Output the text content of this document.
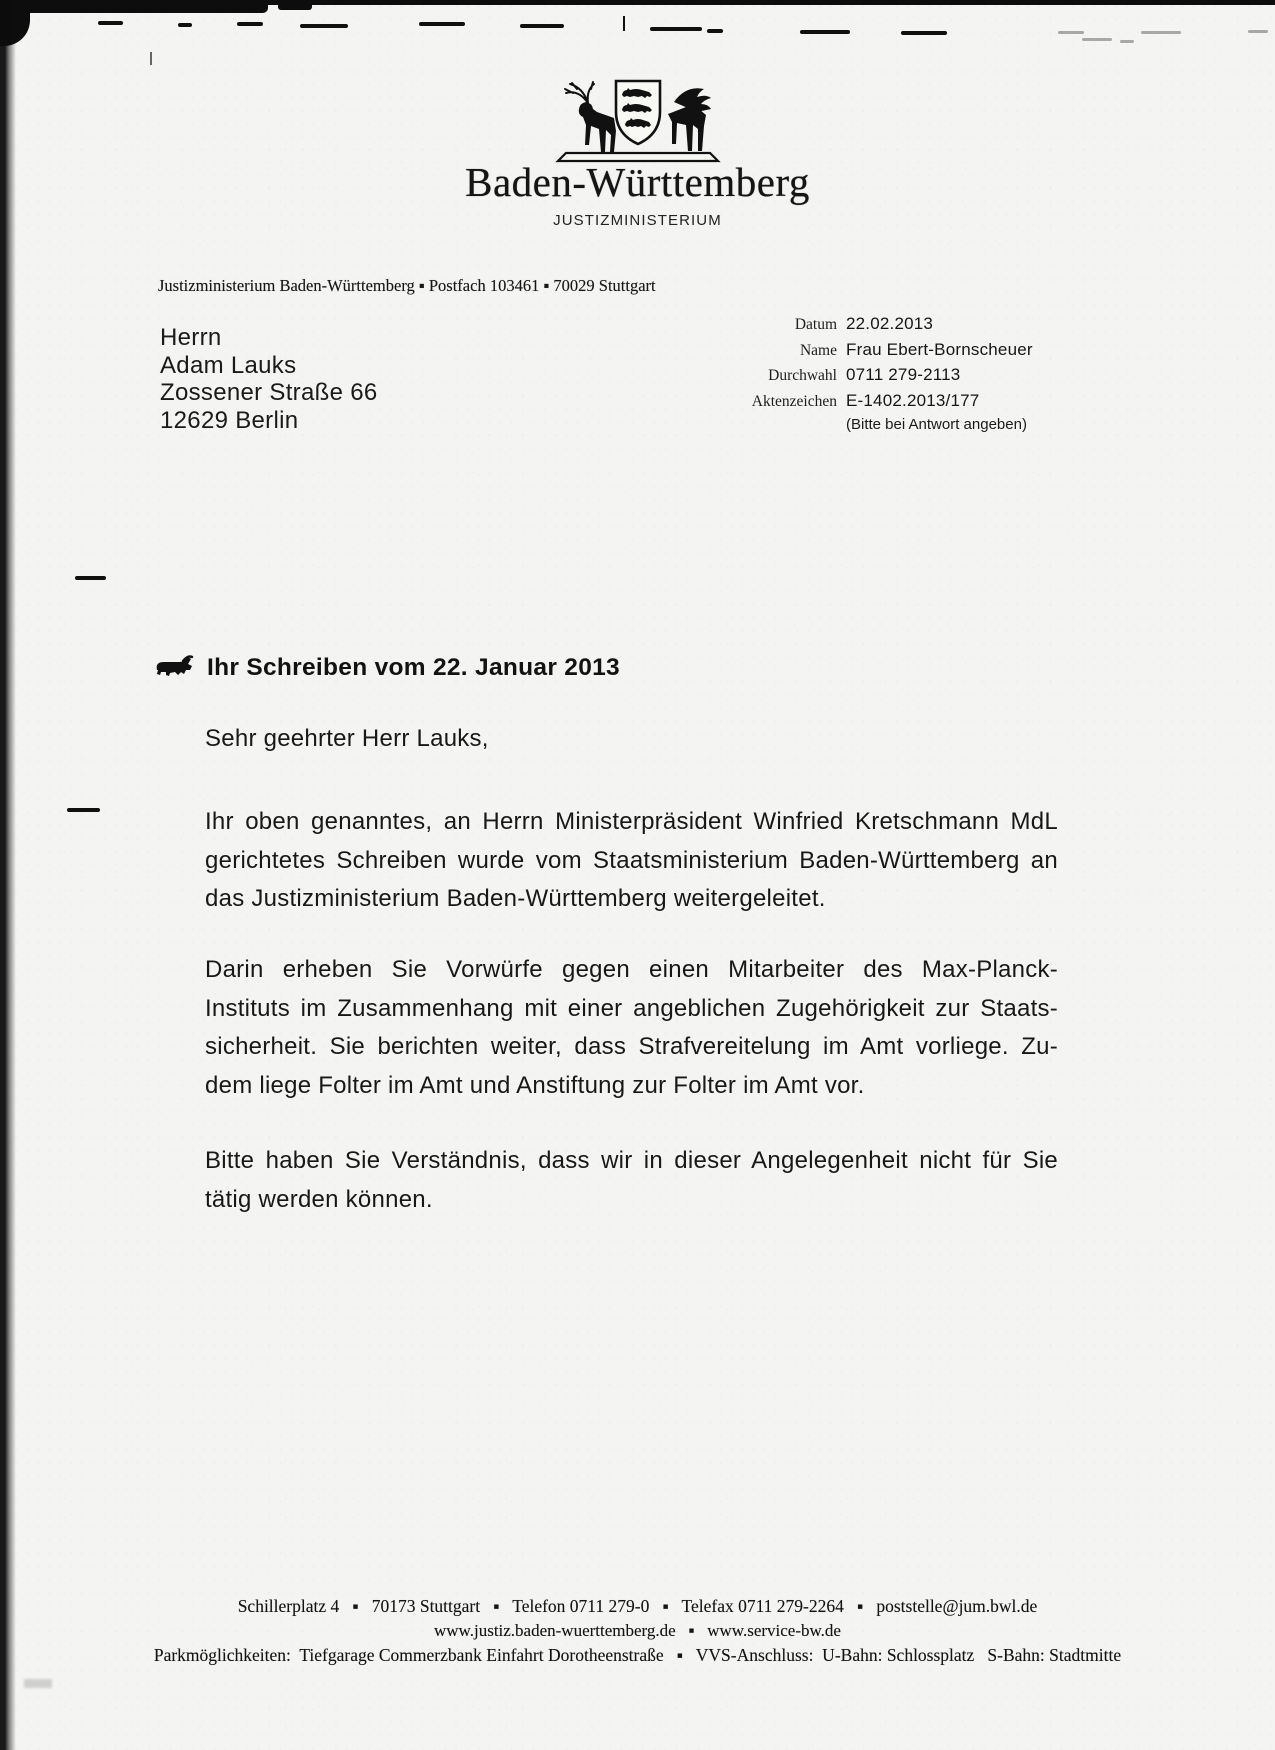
Baden-Württemberg
JUSTIZMINISTERIUM
Justizministerium Baden-Württemberg ▪ Postfach 103461 ▪ 70029 Stuttgart
Herrn
Adam Lauks
Zossener Straße 66
12629 Berlin
Datum 22.02.2013
Name Frau Ebert-Bornscheuer
Durchwahl 0711 279-2113
Aktenzeichen E-1402.2013/177
(Bitte bei Antwort angeben)
Ihr Schreiben vom 22. Januar 2013
Sehr geehrter Herr Lauks,
Ihr oben genanntes, an Herrn Ministerpräsident Winfried Kretschmann MdL
gerichtetes Schreiben wurde vom Staatsministerium Baden-Württemberg an
das Justizministerium Baden-Württemberg weitergeleitet.
Darin erheben Sie Vorwürfe gegen einen Mitarbeiter des Max-Planck-
Instituts im Zusammenhang mit einer angeblichen Zugehörigkeit zur Staats-
sicherheit. Sie berichten weiter, dass Strafvereitelung im Amt vorliege. Zu-
dem liege Folter im Amt und Anstiftung zur Folter im Amt vor.
Bitte haben Sie Verständnis, dass wir in dieser Angelegenheit nicht für Sie
tätig werden können.
Schillerplatz 4   ▪   70173 Stuttgart   ▪   Telefon 0711 279-0   ▪   Telefax 0711 279-2264   ▪   poststelle@jum.bwl.de
www.justiz.baden-wuerttemberg.de   ▪   www.service-bw.de
Parkmöglichkeiten:  Tiefgarage Commerzbank Einfahrt Dorotheenstraße   ▪   VVS-Anschluss:  U-Bahn: Schlossplatz   S-Bahn: Stadtmitte
